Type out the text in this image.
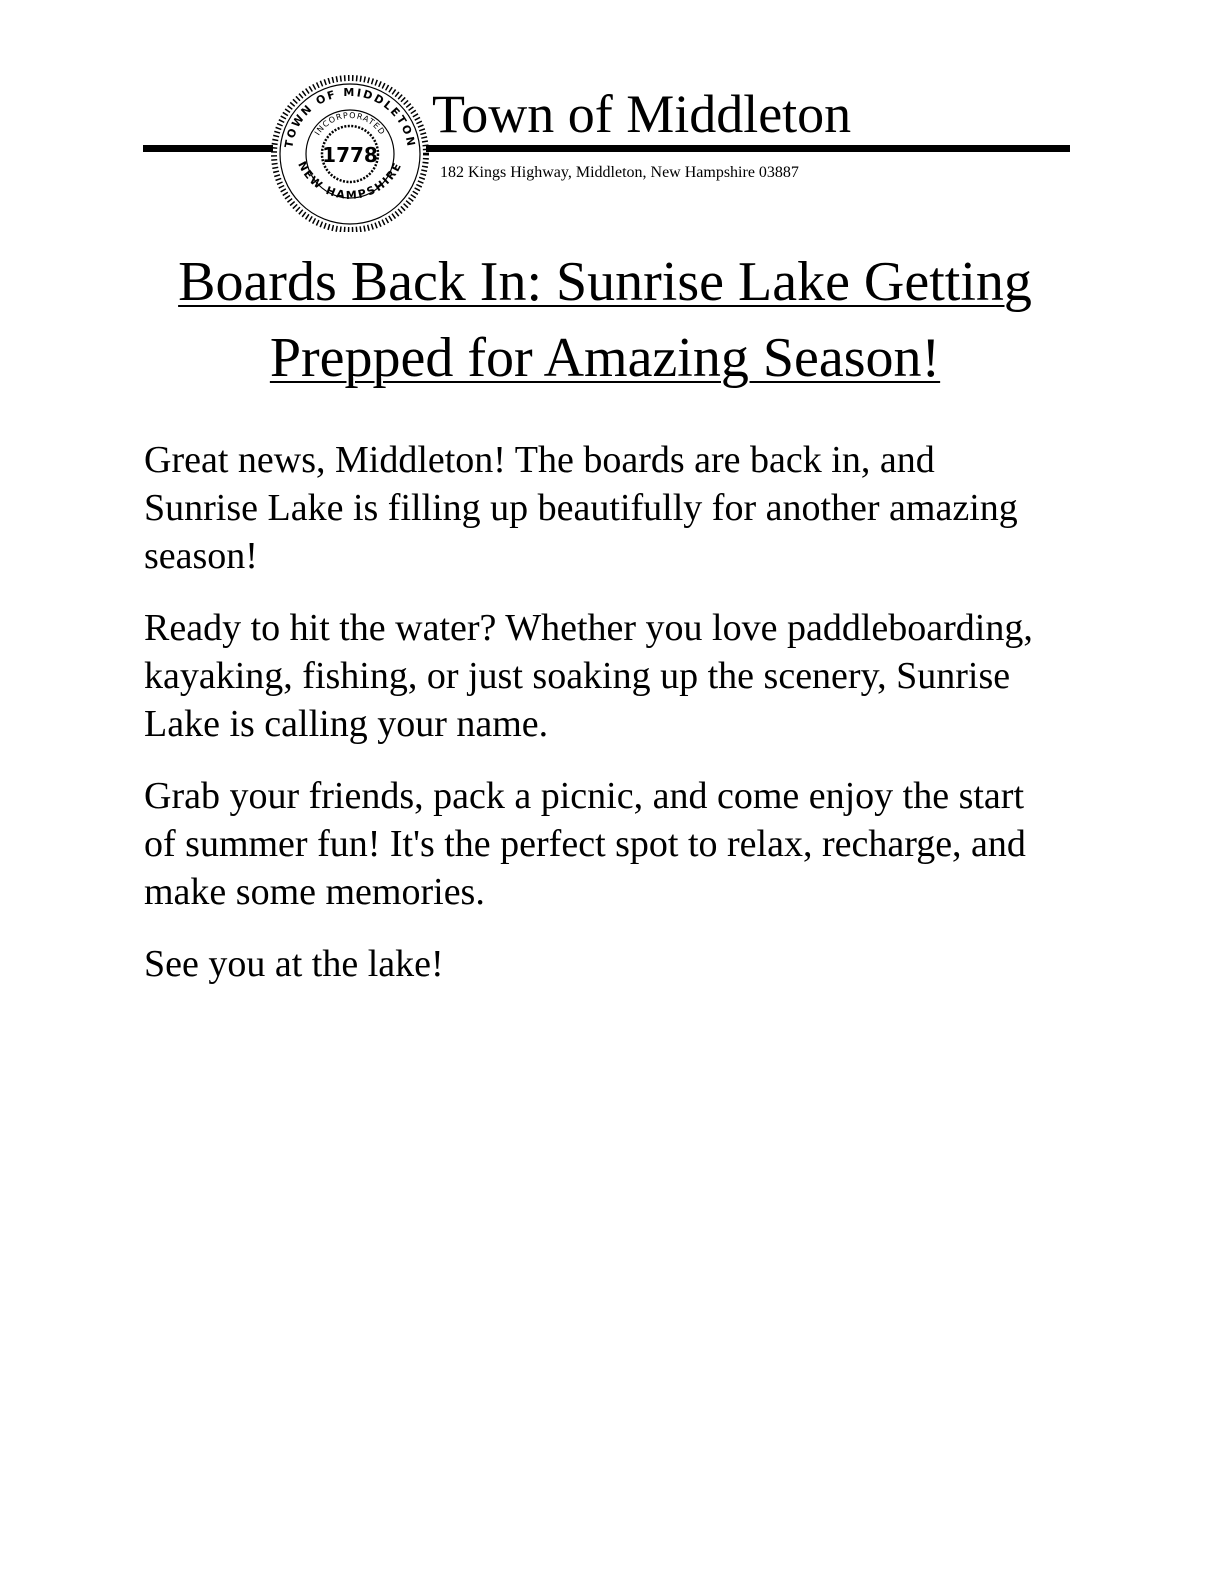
TOWN OF MIDDLETON
NEW HAMPSHIRE
INCORPORATED
1778
Town of Middleton
182 Kings Highway, Middleton, New Hampshire 03887
Boards Back In: Sunrise Lake Getting Prepped for Amazing Season!

Great news, Middleton! The boards are back in, and Sunrise Lake is filling up beautifully for another amazing season!

Ready to hit the water? Whether you love paddleboarding, kayaking, fishing, or just soaking up the scenery, Sunrise Lake is calling your name.

Grab your friends, pack a picnic, and come enjoy the start of summer fun! It's the perfect spot to relax, recharge, and make some memories.

See you at the lake!
